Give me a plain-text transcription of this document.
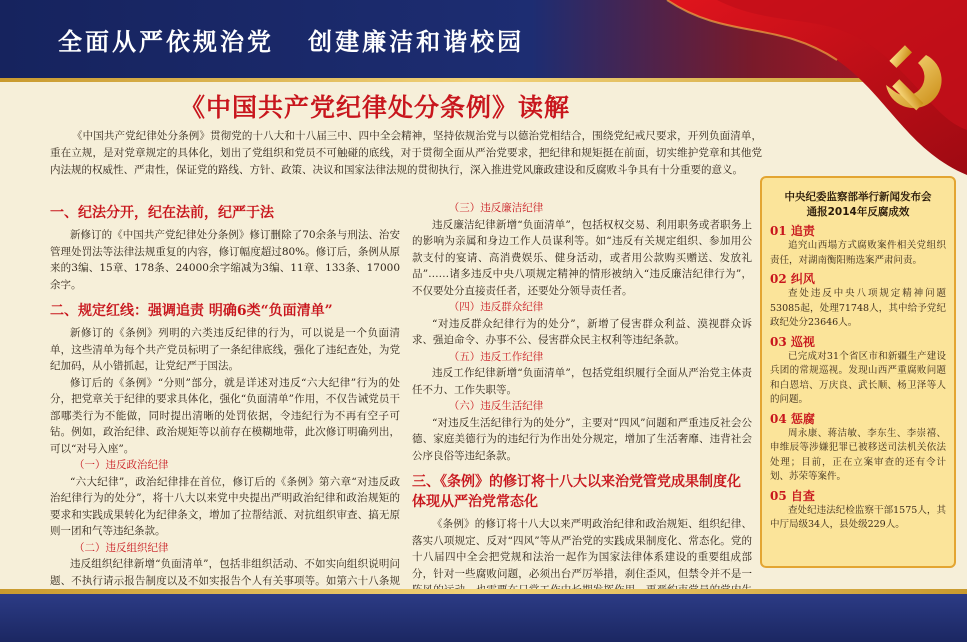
全面从严依规治党   创建廉洁和谐校园
《中国共产党纪律处分条例》读解
《中国共产党纪律处分条例》贯彻党的十八大和十八届三中、四中全会精神，坚持依规治党与以德治党相结合，围绕党纪戒尺要求，开列负面清单，重在立规，是对党章规定的具体化，划出了党组织和党员不可触碰的底线，对于贯彻全面从严治党要求，把纪律和规矩挺在前面，切实维护党章和其他党内法规的权威性、严肃性，保证党的路线、方针、政策、决议和国家法律法规的贯彻执行，深入推进党风廉政建设和反腐败斗争具有十分重要的意义。
一、纪法分开，纪在法前，纪严于法
新修订的《中国共产党纪律处分条例》修订删除了70余条与刑法、治安管理处罚法等法律法规重复的内容，修订幅度超过80%。修订后，条例从原来的3编、15章、178条、24000余字缩减为3编、11章、133条、17000余字。
二、规定红线：强调追责 明确6类“负面清单”
新修订的《条例》列明的六类违反纪律的行为，可以说是一个负面清单，这些清单为每个共产党员标明了一条纪律底线，强化了违纪查处，为党纪加码，从小错抓起，让党纪严于国法。
修订后的《条例》“分则”部分，就是详述对违反“六大纪律”行为的处分，把党章关于纪律的要求具体化，强化“负面清单”作用，不仅告诫党员干部哪类行为不能做，同时提出清晰的处罚依据，令违纪行为不再有空子可钻。例如，政治纪律、政治规矩等以前存在模糊地带，此次修订明确列出，可以“对号入座”。
（一）违反政治纪律
“六大纪律”，政治纪律排在首位，修订后的《条例》第六章“对违反政治纪律行为的处分”，将十八大以来党中央提出严明政治纪律和政治规矩的要求和实践成果转化为纪律条文，增加了拉帮结派、对抗组织审查、搞无原则一团和气等违纪条款。
（二）违反组织纪律
违反组织纪律新增“负面清单”，包括非组织活动、不如实向组织说明问题、不执行请示报告制度以及不如实报告个人有关事项等。如第六十八条规
（三）违反廉洁纪律
违反廉洁纪律新增“负面清单”，包括权权交易、利用职务或者职务上的影响为亲属和身边工作人员谋利等。如“违反有关规定组织、参加用公款支付的宴请、高消费娱乐、健身活动，或者用公款购买赠送、发放礼品”……诸多违反中央八项规定精神的情形被纳入“违反廉洁纪律行为”，不仅要处分直接责任者，还要处分领导责任者。
（四）违反群众纪律
“对违反群众纪律行为的处分”，新增了侵害群众利益、漠视群众诉求、强迫命令、办事不公、侵害群众民主权利等违纪条款。
（五）违反工作纪律
违反工作纪律新增“负面清单”，包括党组织履行全面从严治党主体责任不力、工作失职等。
（六）违反生活纪律
“对违反生活纪律行为的处分”，主要对“四风”问题和严重违反社会公德、家庭美德行为的违纪行为作出处分规定，增加了生活奢靡、违背社会公序良俗等违纪条款。
三、《条例》的修订将十八大以来治党管党成果制度化体现从严治党常态化
《条例》的修订将十八大以来严明政治纪律和政治规矩、组织纪律、落实八项规定、反对“四风”等从严治党的实践成果制度化、常态化。党的十八届四中全会把党规和法治一起作为国家法律体系建设的重要组成部分，针对一些腐败问题，必须出台严厉举措，刹住歪风，但禁令并不是一
中央纪委监察部举行新闻发布会
通报2014年反腐成效
01 追责
追究山西塌方式腐败案件相关党组织责任，对湖南衡阳贿选案严肃问责。
02 纠风
查处违反中央八项规定精神问题53085起，处理71748人，其中给予党纪政纪处分23646人。
03 巡视
已完成对31个省区市和新疆生产建设兵团的常规巡视。发现山西严重腐败问题和白恩培、万庆良、武长顺、杨卫泽等人的问题。
04 惩腐
周永康、蒋洁敏、李东生、李崇禧、申维辰等涉嫌犯罪已被移送司法机关依法处理；目前，正在立案审查的还有令计划、苏荣等案件。
05 自查
查处纪违法纪检监察干部1575人，其中厅局级34人，县处级229人。
